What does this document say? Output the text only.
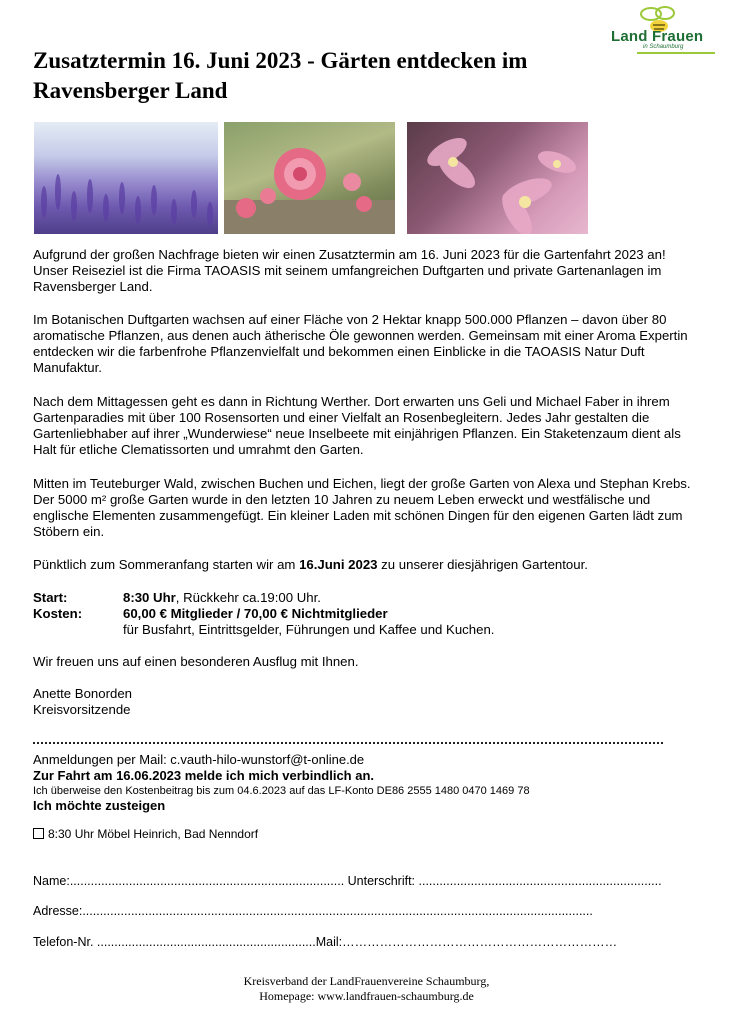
Land Frauen
in Schaumburg
Zusatztermin 16. Juni 2023 - Gärten entdecken im Ravensberger Land
Aufgrund der großen Nachfrage bieten wir einen Zusatztermin am 16. Juni 2023 für die Gartenfahrt 2023 an! Unser Reiseziel ist die Firma TAOASIS mit seinem umfangreichen Duftgarten und private Gartenanlagen im Ravensberger Land.
Im Botanischen Duftgarten wachsen auf einer Fläche von 2 Hektar knapp 500.000 Pflanzen – davon über 80 aromatische Pflanzen, aus denen auch ätherische Öle gewonnen werden. Gemeinsam mit einer Aroma Expertin entdecken wir die farbenfrohe Pflanzenvielfalt und bekommen einen Einblicke in die TAOASIS Natur Duft Manufaktur.
Nach dem Mittagessen geht es dann in Richtung Werther. Dort erwarten uns Geli und Michael Faber in ihrem Gartenparadies mit über 100 Rosensorten und einer Vielfalt an Rosenbegleitern. Jedes Jahr gestalten die Gartenliebhaber auf ihrer „Wunderwiese“ neue Inselbeete mit einjährigen Pflanzen. Ein Staketenzaum dient als Halt für etliche Clematissorten und umrahmt den Garten.
Mitten im Teuteburger Wald, zwischen Buchen und Eichen, liegt der große Garten von Alexa und Stephan Krebs. Der 5000 m² große Garten wurde in den letzten 10 Jahren zu neuem Leben erweckt und westfälische und englische Elementen zusammengefügt. Ein kleiner Laden mit schönen Dingen für den eigenen Garten lädt zum Stöbern ein.
Pünktlich zum Sommeranfang starten wir am 16.Juni 2023 zu unserer diesjährigen Gartentour.
Start:	8:30 Uhr, Rückkehr ca.19:00 Uhr.
Kosten:	60,00 € Mitglieder / 70,00 € Nichtmitglieder
für Busfahrt, Eintrittsgelder, Führungen und Kaffee und Kuchen.
Wir freuen uns auf einen besonderen Ausflug mit Ihnen.
Anette Bonorden
Kreisvorsitzende
Anmeldungen per Mail: c.vauth-hilo-wunstorf@t-online.de
Zur Fahrt am 16.06.2023 melde ich mich verbindlich an.
Ich überweise den Kostenbeitrag bis zum 04.6.2023 auf das LF-Konto DE86 2555 1480 0470 1469 78
Ich möchte zusteigen
8:30 Uhr Möbel Heinrich, Bad Nenndorf
Name:............................................................................... Unterschrift: ......................................................................
Adresse:...................................................................................................................................................
Telefon-Nr. ...............................................................Mail:…………………………………………………………
Kreisverband der LandFrauenvereine Schaumburg,
Homepage: www.landfrauen-schaumburg.de
